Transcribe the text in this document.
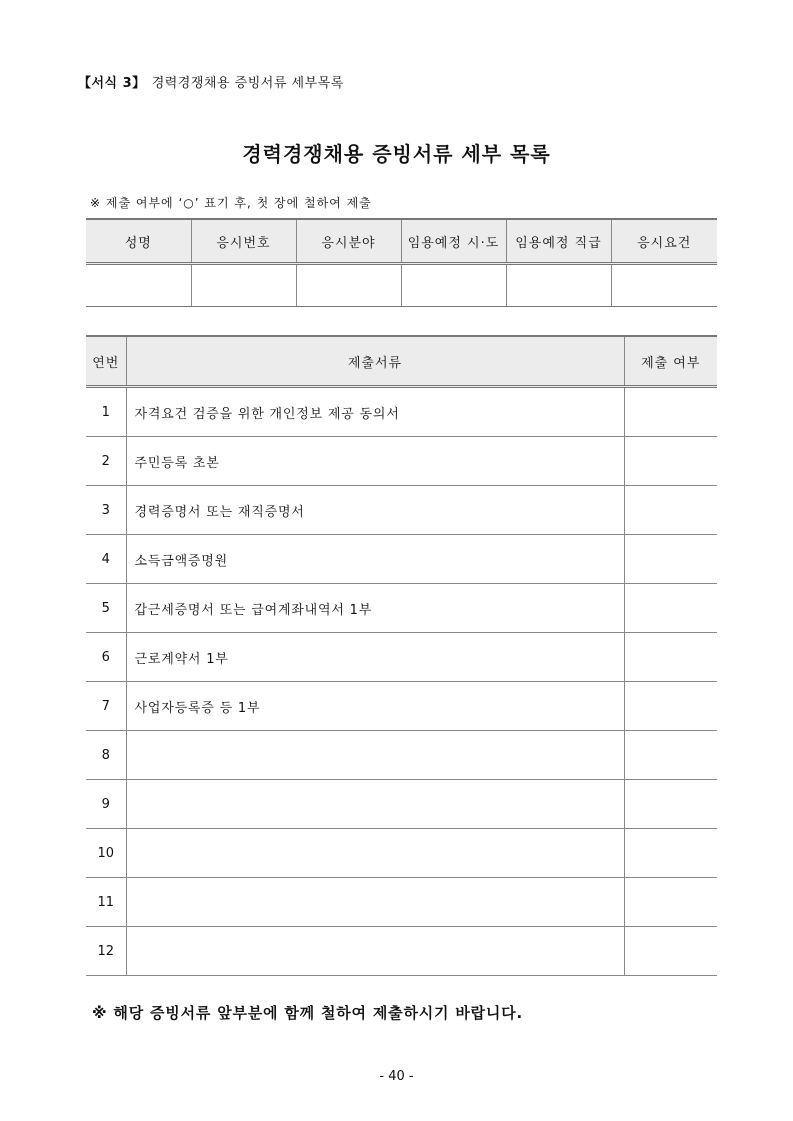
【서식 3】 경력경쟁채용 증빙서류 세부목록
경력경쟁채용 증빙서류 세부 목록
※ 제출 여부에 ‘○’ 표기 후, 첫 장에 철하여 제출
성명	응시번호	응시분야	임용예정 시·도	임용예정 직급	응시요건

연번	제출서류	제출 여부
1	자격요건 검증을 위한 개인정보 제공 동의서	
2	주민등록 초본	
3	경력증명서 또는 재직증명서	
4	소득금액증명원	
5	갑근세증명서 또는 급여계좌내역서 1부	
6	근로계약서 1부	
7	사업자등록증 등 1부	
8		
9		
10		
11		
12		
※ 해당 증빙서류 앞부분에 함께 철하여 제출하시기 바랍니다.
- 40 -
